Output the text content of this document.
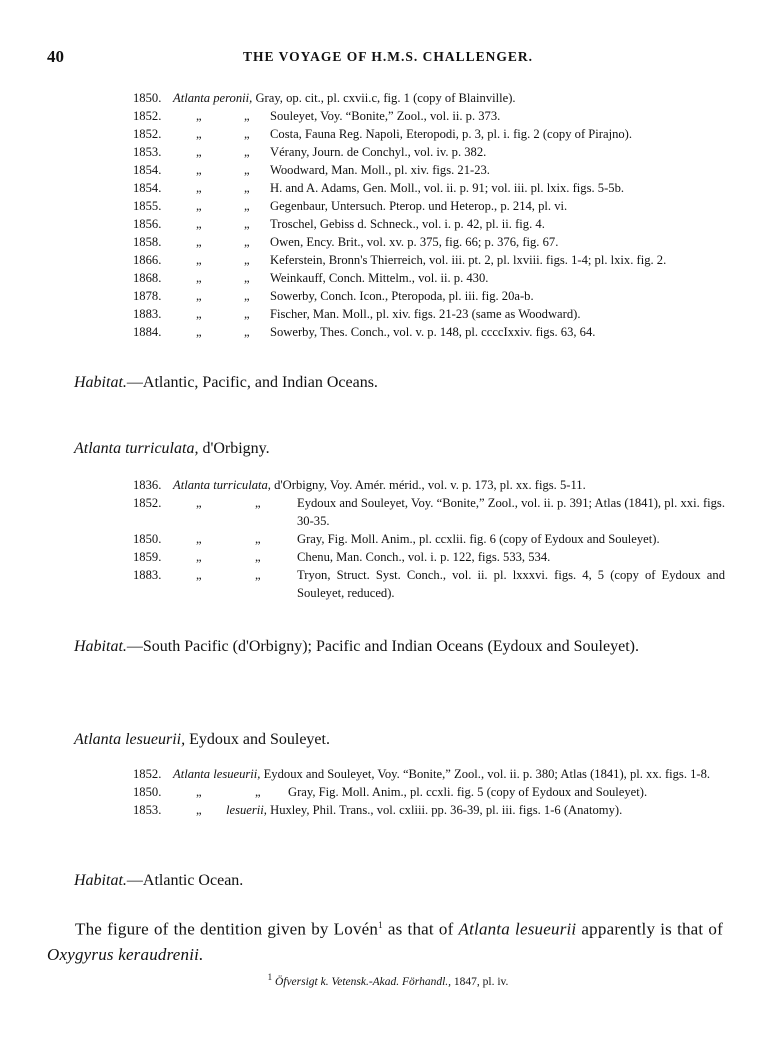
40	THE VOYAGE OF H.M.S. CHALLENGER.
1850. Atlanta peronii, Gray, op. cit., pl. cxvii.c, fig. 1 (copy of Blainville).
1852.	„	„	Souleyet, Voy. “Bonite,” Zool., vol. ii. p. 373.
1852.	„	„	Costa, Fauna Reg. Napoli, Eteropodi, p. 3, pl. i. fig. 2 (copy of Pirajno).
1853.	„	„	Vérany, Journ. de Conchyl., vol. iv. p. 382.
1854.	„	„	Woodward, Man. Moll., pl. xiv. figs. 21-23.
1854.	„	„	H. and A. Adams, Gen. Moll., vol. ii. p. 91; vol. iii. pl. lxix. figs. 5-5b.
1855.	„	„	Gegenbaur, Untersuch. Pterop. und Heterop., p. 214, pl. vi.
1856.	„	„	Troschel, Gebiss d. Schneck., vol. i. p. 42, pl. ii. fig. 4.
1858.	„	„	Owen, Ency. Brit., vol. xv. p. 375, fig. 66; p. 376, fig. 67.
1866.	„	„	Keferstein, Bronn's Thierreich, vol. iii. pt. 2, pl. lxviii. figs. 1-4; pl. lxix. fig. 2.
1868.	„	„	Weinkauff, Conch. Mittelm., vol. ii. p. 430.
1878.	„	„	Sowerby, Conch. Icon., Pteropoda, pl. iii. fig. 20a-b.
1883.	„	„	Fischer, Man. Moll., pl. xiv. figs. 21-23 (same as Woodward).
1884.	„	„	Sowerby, Thes. Conch., vol. v. p. 148, pl. ccccIxxiv. figs. 63, 64.
Habitat.—Atlantic, Pacific, and Indian Oceans.
Atlanta turriculata, d'Orbigny.
1836. Atlanta turriculata, d'Orbigny, Voy. Amér. mérid., vol. v. p. 173, pl. xx. figs. 5-11.
1852.	„	„	Eydoux and Souleyet, Voy. “Bonite,” Zool., vol. ii. p. 391; Atlas (1841), pl. xxi. figs. 30-35.
1850.	„	„	Gray, Fig. Moll. Anim., pl. ccxlii. fig. 6 (copy of Eydoux and Souleyet).
1859.	„	„	Chenu, Man. Conch., vol. i. p. 122, figs. 533, 534.
1883.	„	„	Tryon, Struct. Syst. Conch., vol. ii. pl. lxxxvi. figs. 4, 5 (copy of Eydoux and Souleyet, reduced).
Habitat.—South Pacific (d'Orbigny); Pacific and Indian Oceans (Eydoux and Souleyet).
Atlanta lesueurii, Eydoux and Souleyet.
1852. Atlanta lesueurii, Eydoux and Souleyet, Voy. “Bonite,” Zool., vol. ii. p. 380; Atlas (1841), pl. xx. figs. 1-8.
1850.	„	„	Gray, Fig. Moll. Anim., pl. ccxli. fig. 5 (copy of Eydoux and Souleyet).
1853.	„	lesuerii, Huxley, Phil. Trans., vol. cxliii. pp. 36-39, pl. iii. figs. 1-6 (Anatomy).
Habitat.—Atlantic Ocean.
The figure of the dentition given by Lovén$^1$ as that of Atlanta lesueurii apparently is that of Oxygyrus keraudrenii.
$^1$ Öfversigt k. Vetensk.-Akad. Förhandl., 1847, pl. iv.
